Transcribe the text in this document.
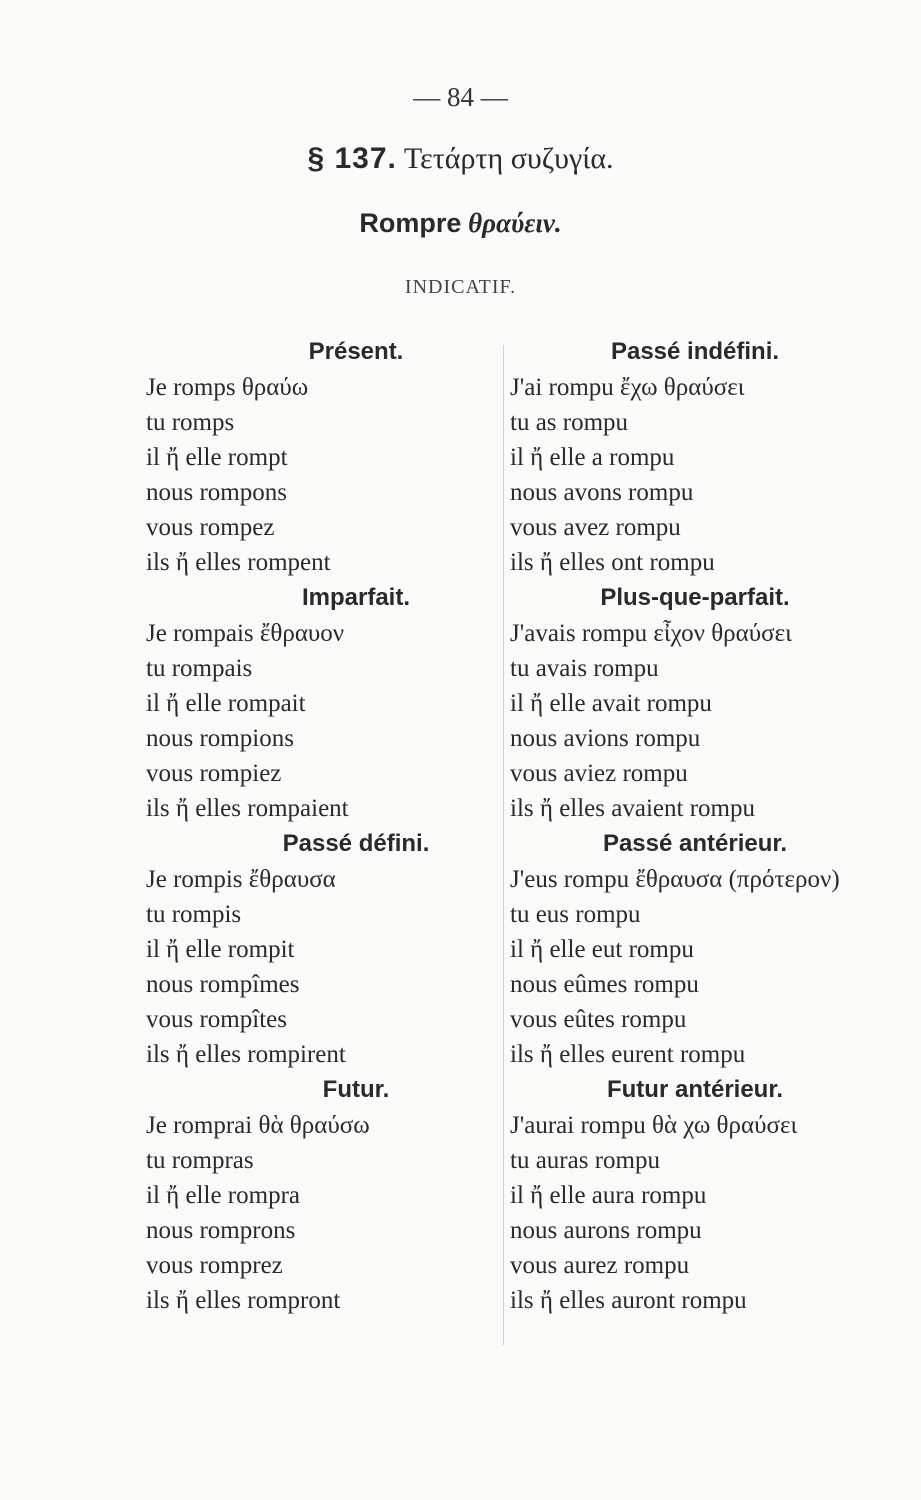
— 84 —
§ 137. Τετάρτη συζυγία.
Rompre θραύειν.
INDICATIF.
Présent.
Je romps θραύω
tu romps
il ἤ elle rompt
nous rompons
vous rompez
ils ἤ elles rompent
Imparfait.
Je rompais ἔθραυον
tu rompais
il ἤ elle rompait
nous rompions
vous rompiez
ils ἤ elles rompaient
Passé défini.
Je rompis ἔθραυσα
tu rompis
il ἤ elle rompit
nous rompîmes
vous rompîtes
ils ἤ elles rompirent
Futur.
Je romprai θὰ θραύσω
tu rompras
il ἤ elle rompra
nous romprons
vous romprez
ils ἤ elles rompront
Passé indéfini.
J'ai rompu ἔχω θραύσει
tu as rompu
il ἤ elle a rompu
nous avons rompu
vous avez rompu
ils ἤ elles ont rompu
Plus-que-parfait.
J'avais rompu εἶχον θραύσει
tu avais rompu
il ἤ elle avait rompu
nous avions rompu
vous aviez rompu
ils ἤ elles avaient rompu
Passé antérieur.
J'eus rompu ἔθραυσα (πρότερον)
tu eus rompu
il ἤ elle eut rompu
nous eûmes rompu
vous eûtes rompu
ils ἤ elles eurent rompu
Futur antérieur.
J'aurai rompu θὰ χω θραύσει
tu auras rompu
il ἤ elle aura rompu
nous aurons rompu
vous aurez rompu
ils ἤ elles auront rompu
